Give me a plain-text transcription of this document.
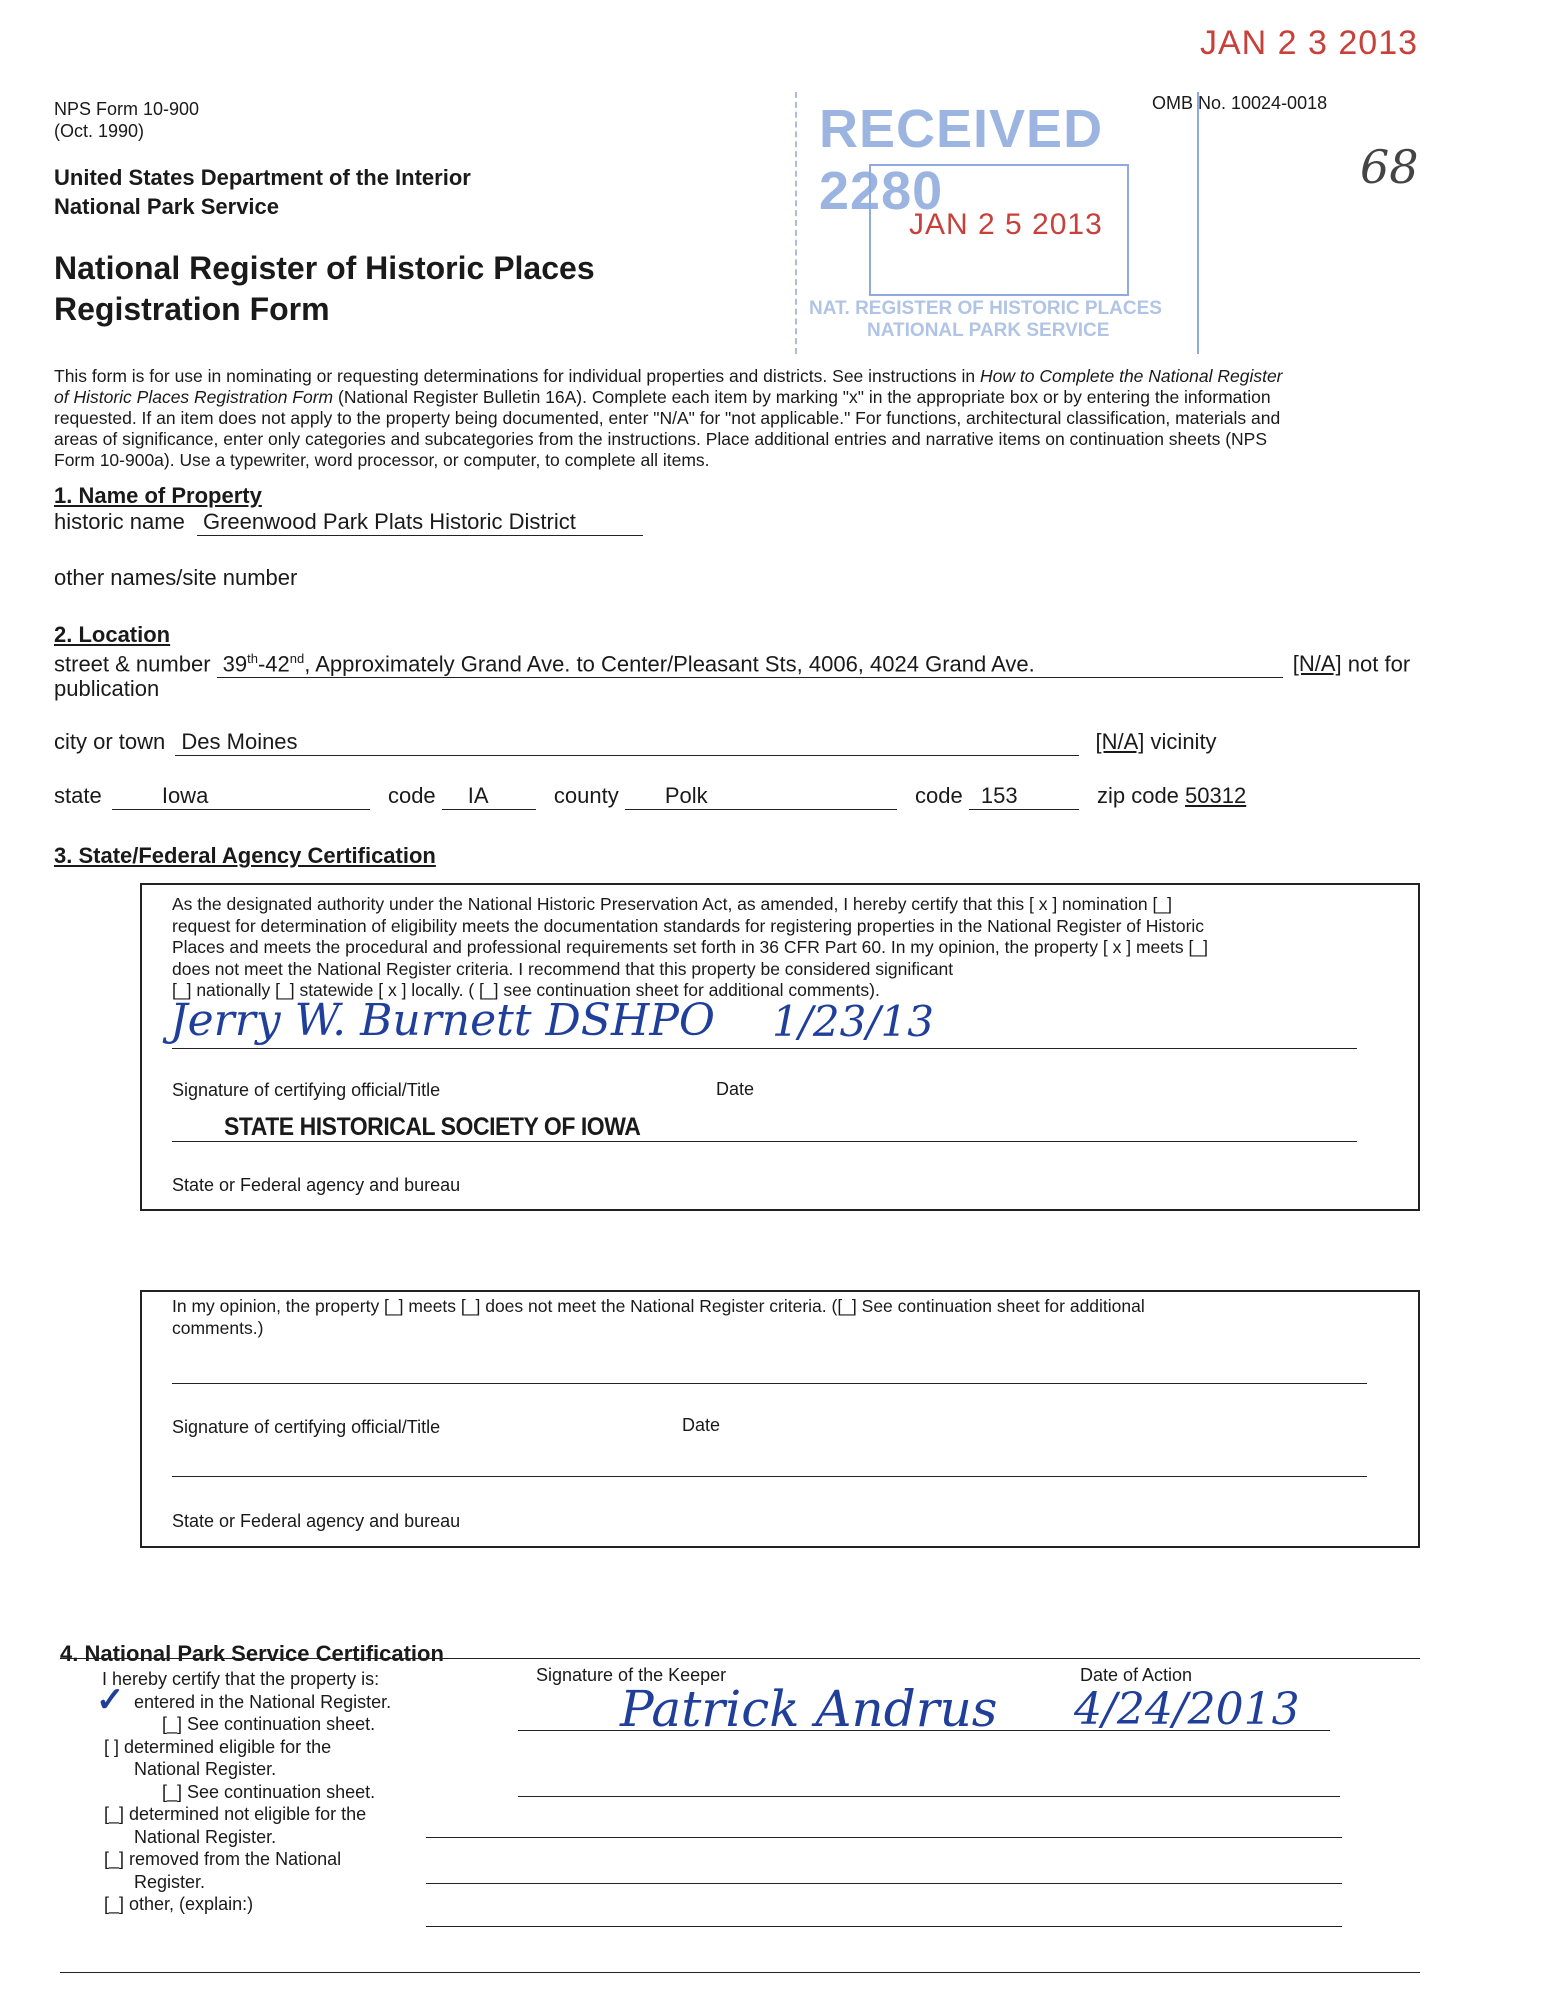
JAN 2 3 2013
RECEIVED 2280
JAN 2 5 2013
NAT. REGISTER OF HISTORIC PLACES
NATIONAL PARK SERVICE
68
NPS Form 10-900
(Oct. 1990)
OMB No. 10024-0018
United States Department of the Interior
National Park Service
National Register of Historic Places
Registration Form
This form is for use in nominating or requesting determinations for individual properties and districts. See instructions in How to Complete the National Register
of Historic Places Registration Form (National Register Bulletin 16A). Complete each item by marking "x" in the appropriate box or by entering the information
requested. If an item does not apply to the property being documented, enter "N/A" for "not applicable." For functions, architectural classification, materials and
areas of significance, enter only categories and subcategories from the instructions. Place additional entries and narrative items on continuation sheets (NPS
Form 10-900a). Use a typewriter, word processor, or computer, to complete all items.
1. Name of Property
historic name Greenwood Park Plats Historic District
other names/site number
2. Location
street & number 39th-42nd, Approximately Grand Ave. to Center/Pleasant Sts, 4006, 4024 Grand Ave.	[N/A] not for
publication
city or town Des Moines	[N/A] vicinity
state	Iowa	code IA	county Polk	code 153	zip code 50312
3. State/Federal Agency Certification
As the designated authority under the National Historic Preservation Act, as amended, I hereby certify that this [ x ] nomination [_]
request for determination of eligibility meets the documentation standards for registering properties in the National Register of Historic
Places and meets the procedural and professional requirements set forth in 36 CFR Part 60. In my opinion, the property [ x ] meets [_]
does not meet the National Register criteria. I recommend that this property be considered significant
[_] nationally [_] statewide [ x ] locally. ( [_] see continuation sheet for additional comments).
Jerry W. Burnett DSHPO 1/23/13
Signature of certifying official/Title	Date
STATE HISTORICAL SOCIETY OF IOWA
State or Federal agency and bureau
In my opinion, the property [_] meets [_] does not meet the National Register criteria. ([_] See continuation sheet for additional
comments.)
Signature of certifying official/Title	Date
State or Federal agency and bureau
4. National Park Service Certification
Signature of the Keeper	Date of Action
Patrick Andrus 4/24/2013
I hereby certify that the property is:
entered in the National Register.
[_] See continuation sheet.
[ ] determined eligible for the
National Register.
[_] See continuation sheet.
[_] determined not eligible for the
National Register.
[_] removed from the National
Register.
[_] other, (explain:)
✓
